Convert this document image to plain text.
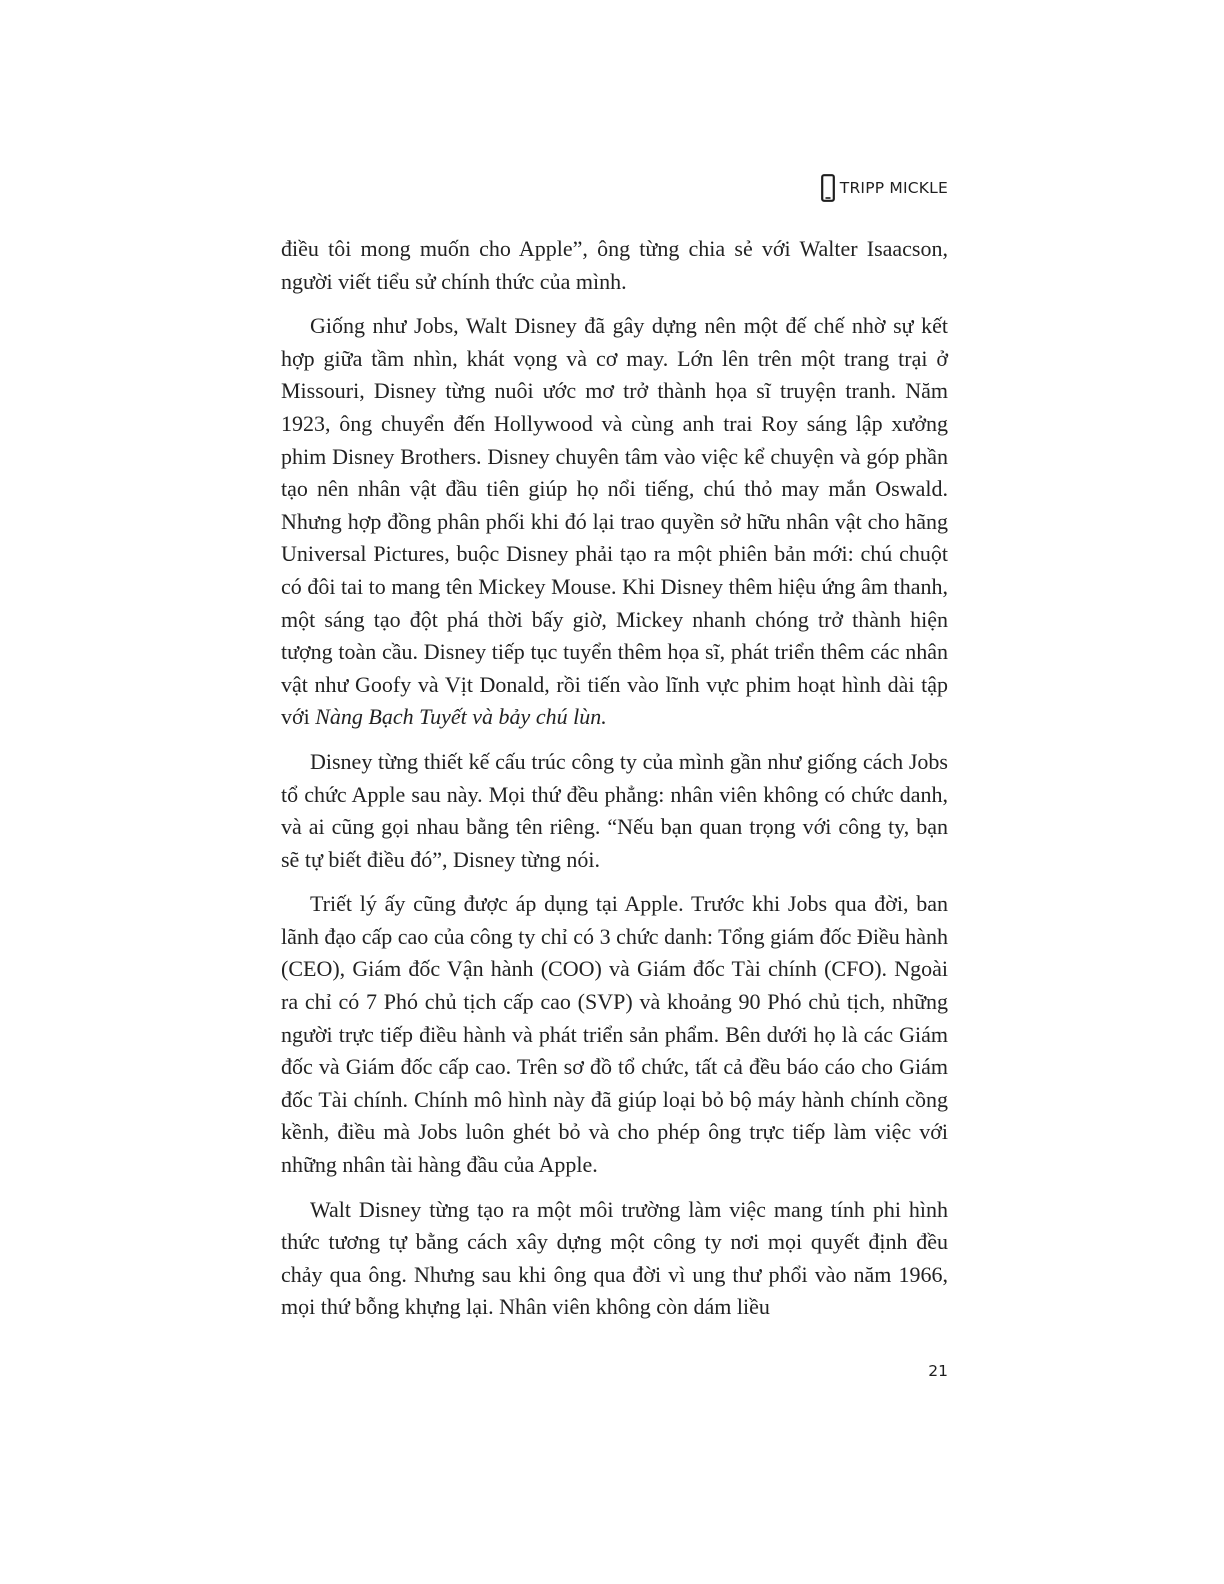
TRIPP MICKLE

điều tôi mong muốn cho Apple”, ông từng chia sẻ với Walter Isaacson, người viết tiểu sử chính thức của mình.

Giống như Jobs, Walt Disney đã gây dựng nên một đế chế nhờ sự kết hợp giữa tầm nhìn, khát vọng và cơ may. Lớn lên trên một trang trại ở Missouri, Disney từng nuôi ước mơ trở thành họa sĩ truyện tranh. Năm 1923, ông chuyển đến Hollywood và cùng anh trai Roy sáng lập xưởng phim Disney Brothers. Disney chuyên tâm vào việc kể chuyện và góp phần tạo nên nhân vật đầu tiên giúp họ nổi tiếng, chú thỏ may mắn Oswald. Nhưng hợp đồng phân phối khi đó lại trao quyền sở hữu nhân vật cho hãng Universal Pictures, buộc Disney phải tạo ra một phiên bản mới: chú chuột có đôi tai to mang tên Mickey Mouse. Khi Disney thêm hiệu ứng âm thanh, một sáng tạo đột phá thời bấy giờ, Mickey nhanh chóng trở thành hiện tượng toàn cầu. Disney tiếp tục tuyển thêm họa sĩ, phát triển thêm các nhân vật như Goofy và Vịt Donald, rồi tiến vào lĩnh vực phim hoạt hình dài tập với Nàng Bạch Tuyết và bảy chú lùn.

Disney từng thiết kế cấu trúc công ty của mình gần như giống cách Jobs tổ chức Apple sau này. Mọi thứ đều phẳng: nhân viên không có chức danh, và ai cũng gọi nhau bằng tên riêng. “Nếu bạn quan trọng với công ty, bạn sẽ tự biết điều đó”, Disney từng nói.

Triết lý ấy cũng được áp dụng tại Apple. Trước khi Jobs qua đời, ban lãnh đạo cấp cao của công ty chỉ có 3 chức danh: Tổng giám đốc Điều hành (CEO), Giám đốc Vận hành (COO) và Giám đốc Tài chính (CFO). Ngoài ra chỉ có 7 Phó chủ tịch cấp cao (SVP) và khoảng 90 Phó chủ tịch, những người trực tiếp điều hành và phát triển sản phẩm. Bên dưới họ là các Giám đốc và Giám đốc cấp cao. Trên sơ đồ tổ chức, tất cả đều báo cáo cho Giám đốc Tài chính. Chính mô hình này đã giúp loại bỏ bộ máy hành chính cồng kềnh, điều mà Jobs luôn ghét bỏ và cho phép ông trực tiếp làm việc với những nhân tài hàng đầu của Apple.

Walt Disney từng tạo ra một môi trường làm việc mang tính phi hình thức tương tự bằng cách xây dựng một công ty nơi mọi quyết định đều chảy qua ông. Nhưng sau khi ông qua đời vì ung thư phổi vào năm 1966, mọi thứ bỗng khựng lại. Nhân viên không còn dám liều

21
